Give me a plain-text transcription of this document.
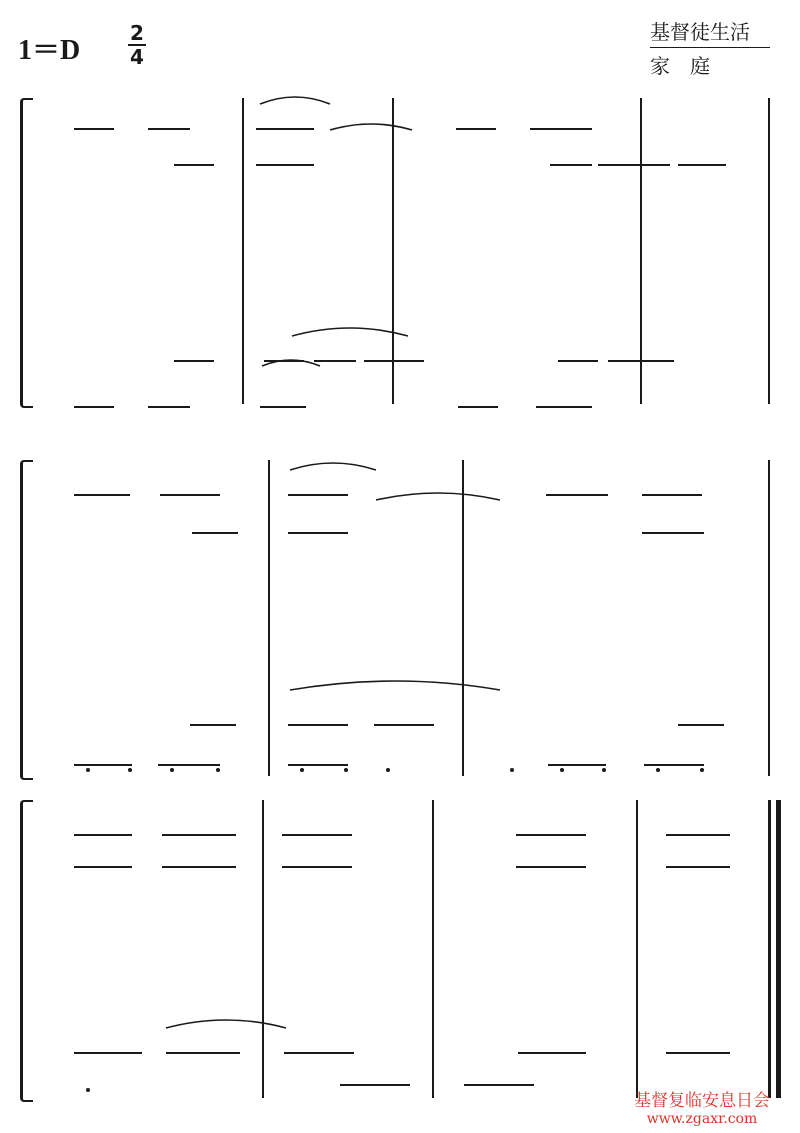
1＝D
2
4
基督徒生活
家　庭
基督复临安息日会
www.zgaxr.com
